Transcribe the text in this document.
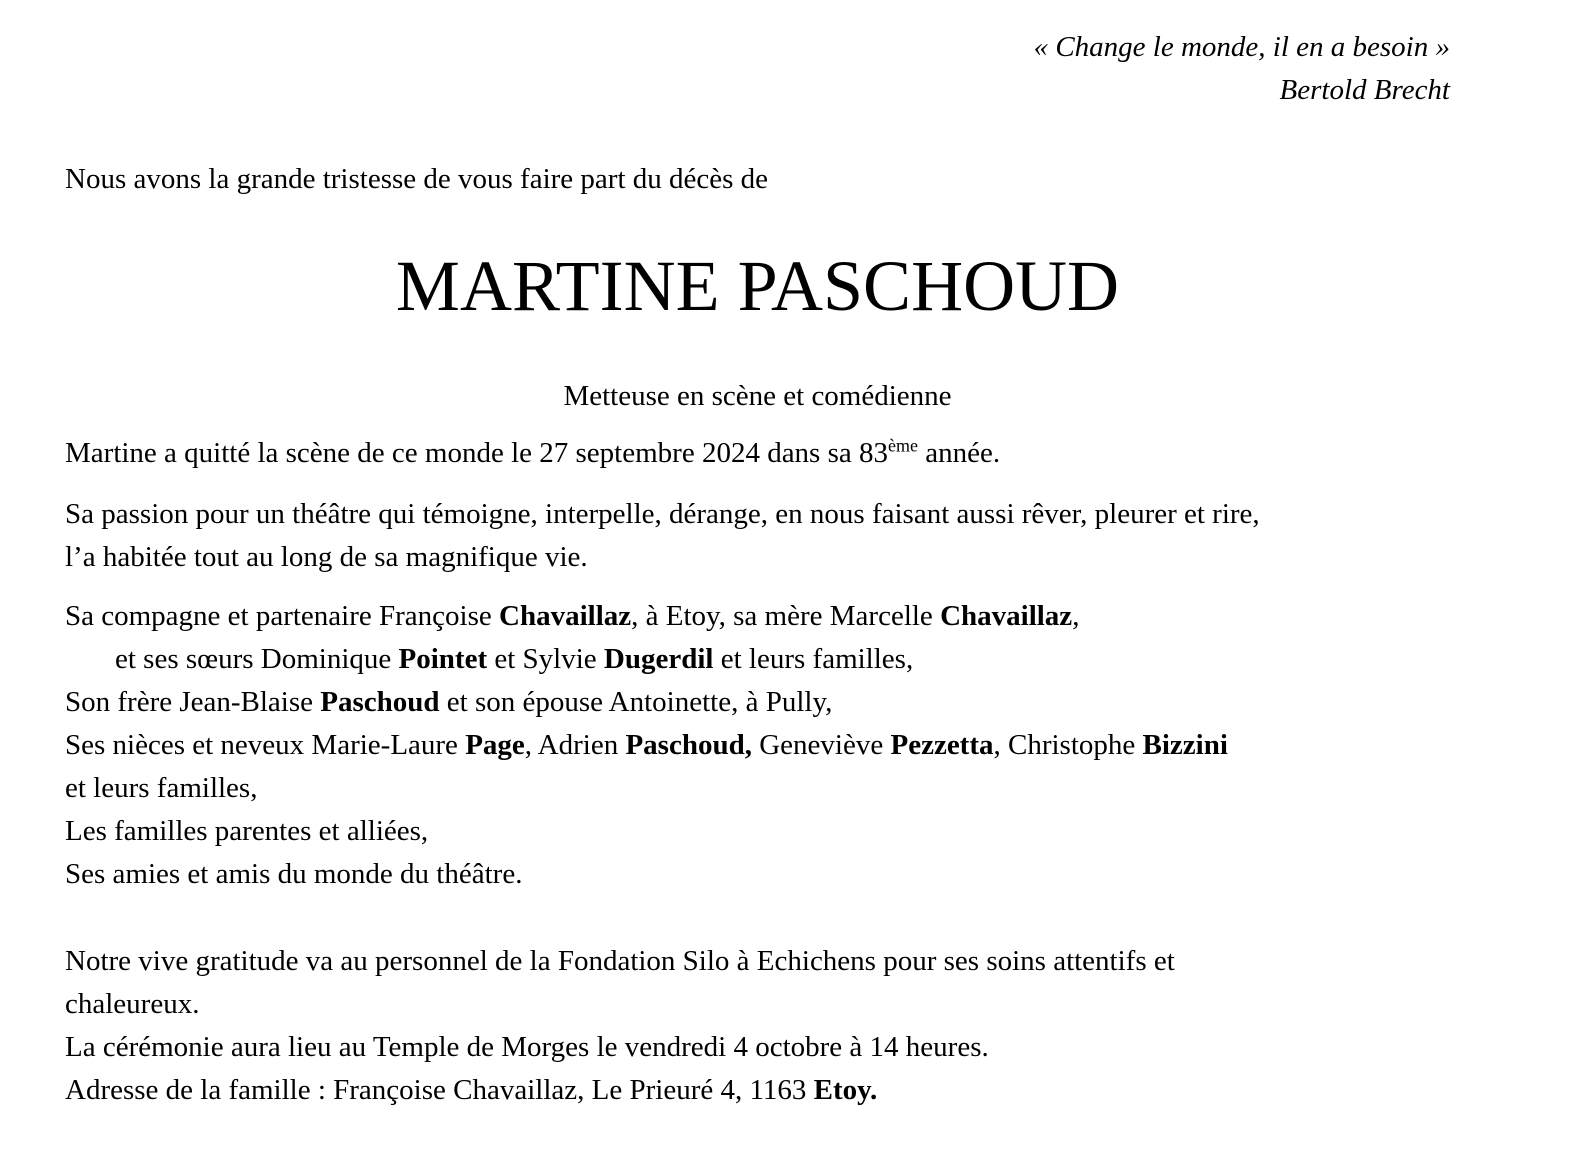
« Change le monde, il en a besoin »

Bertold Brecht

Nous avons la grande tristesse de vous faire part du décès de

MARTINE PASCHOUD

Metteuse en scène et comédienne

Martine a quitté la scène de ce monde le 27 septembre 2024 dans sa 83ème année.

Sa passion pour un théâtre qui témoigne, interpelle, dérange, en nous faisant aussi rêver, pleurer et rire,

l’a habitée tout au long de sa magnifique vie.

Sa compagne et partenaire Françoise Chavaillaz, à Etoy, sa mère Marcelle Chavaillaz,

et ses sœurs Dominique Pointet et Sylvie Dugerdil et leurs familles,

Son frère Jean-Blaise Paschoud et son épouse Antoinette, à Pully,

Ses nièces et neveux Marie-Laure Page, Adrien Paschoud, Geneviève Pezzetta, Christophe Bizzini

et leurs familles,

Les familles parentes et alliées,

Ses amies et amis du monde du théâtre.

Notre vive gratitude va au personnel de la Fondation Silo à Echichens pour ses soins attentifs et

chaleureux.

La cérémonie aura lieu au Temple de Morges le vendredi 4 octobre à 14 heures.

Adresse de la famille : Françoise Chavaillaz, Le Prieuré 4, 1163 Etoy.
